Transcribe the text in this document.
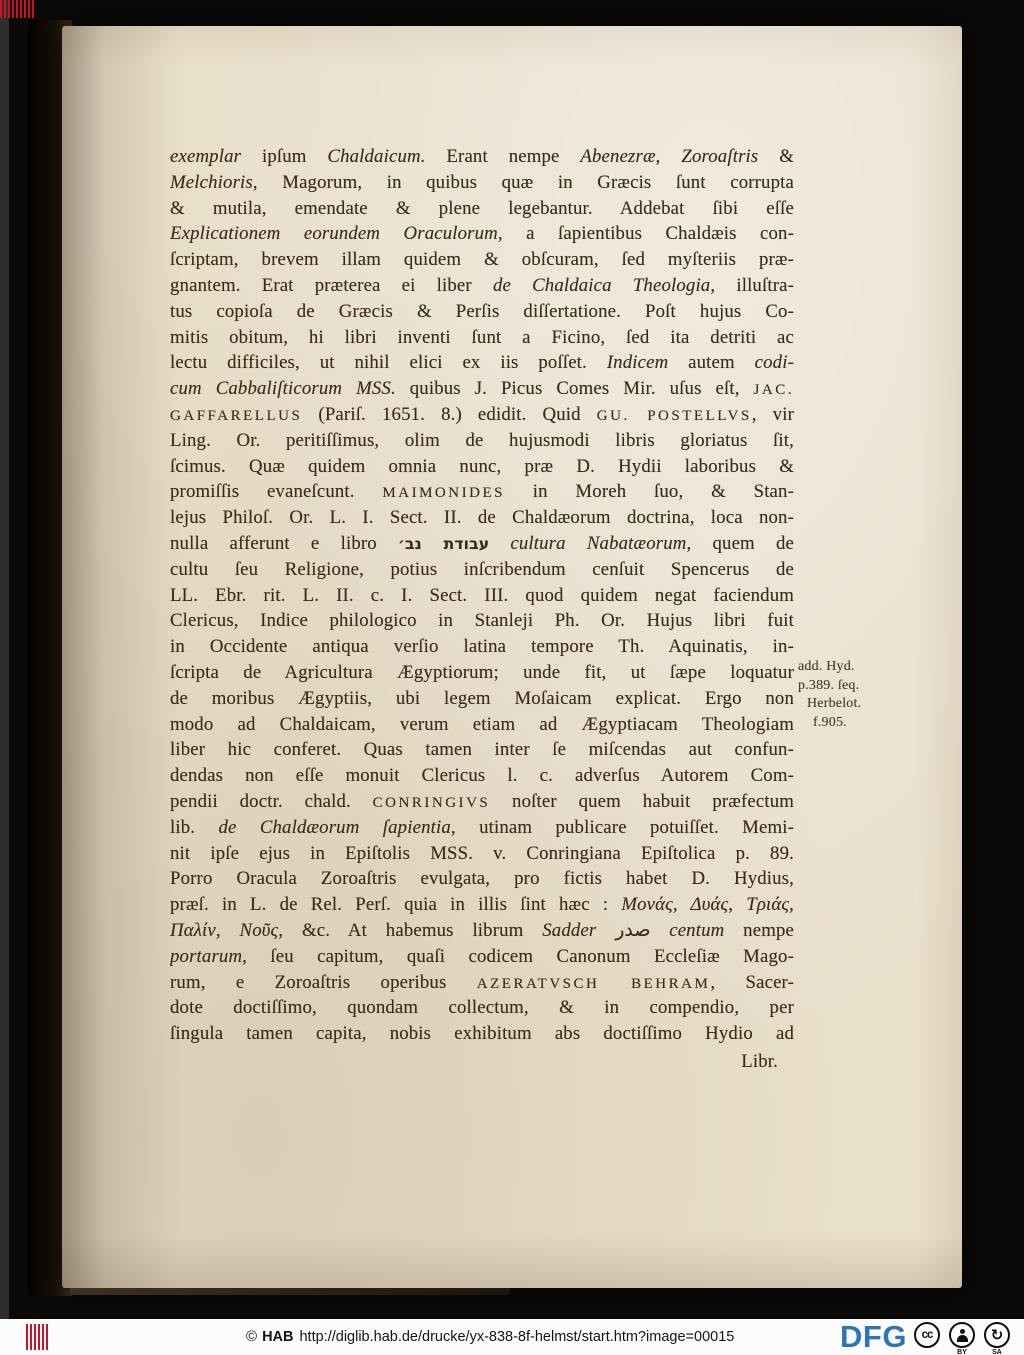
exemplar ipſum Chaldaicum. Erant nempe Abenezræ, Zoroaſtris &
Melchioris, Magorum, in quibus quæ in Græcis ſunt corrupta
& mutila, emendate & plene legebantur. Addebat ſibi eſſe
Explicationem eorundem Oraculorum, a ſapientibus Chaldæis con-
ſcriptam, brevem illam quidem & obſcuram, ſed myſteriis præ-
gnantem. Erat præterea ei liber de Chaldaica Theologia, illuſtra-
tus copioſa de Græcis & Perſis diſſertatione. Poſt hujus Co-
mitis obitum, hi libri inventi ſunt a Ficino, ſed ita detriti ac
lectu difficiles, ut nihil elici ex iis poſſet. Indicem autem codi-
cum Cabbaliſticorum MSS. quibus J. Picus Comes Mir. uſus eſt, JAC.
GAFFARELLUS (Pariſ. 1651. 8.) edidit. Quid GU. POSTELLVS, vir
Ling. Or. peritiſſimus, olim de hujusmodi libris gloriatus ſit,
ſcimus. Quæ quidem omnia nunc, præ D. Hydii laboribus &
promiſſis evaneſcunt. MAIMONIDES in Moreh ſuo, & Stan-
lejus Philoſ. Or. L. I. Sect. II. de Chaldæorum doctrina, loca non-
nulla afferunt e libro עבודת נב׳ cultura Nabatæorum, quem de
cultu ſeu Religione, potius inſcribendum cenſuit Spencerus de
LL. Ebr. rit. L. II. c. I. Sect. III. quod quidem negat faciendum
Clericus, Indice philologico in Stanleji Ph. Or. Hujus libri fuit
in Occidente antiqua verſio latina tempore Th. Aquinatis, in-
ſcripta de Agricultura Ægyptiorum; unde fit, ut ſæpe loquatur
de moribus Ægyptiis, ubi legem Moſaicam explicat. Ergo non
modo ad Chaldaicam, verum etiam ad Ægyptiacam Theologiam
liber hic conferet. Quas tamen inter ſe miſcendas aut confun-
dendas non eſſe monuit Clericus l. c. adverſus Autorem Com-
pendii doctr. chald. CONRINGIVS noſter quem habuit præfectum
lib. de Chaldæorum ſapientia, utinam publicare potuiſſet. Memi-
nit ipſe ejus in Epiſtolis MSS. v. Conringiana Epiſtolica p. 89.
Porro Oracula Zoroaſtris evulgata, pro fictis habet D. Hydius,
præſ. in L. de Rel. Perſ. quia in illis ſint hæc : Μονάς, Δυάς, Τριάς,
Παλίν, Νοῦς, &c. At habemus librum Sadder صدر centum nempe
portarum, ſeu capitum, quaſi codicem Canonum Eccleſiæ Mago-
rum, e Zoroaſtris operibus AZERATVSCH BEHRAM, Sacer-
dote doctiſſimo, quondam collectum, & in compendio, per
ſingula tamen capita, nobis exhibitum abs doctiſſimo Hydio ad
Libr.
add. Hyd.
p.389. ſeq.
Herbelot.
f.905.
© HAB http://diglib.hab.de/drucke/yx-838-8f-helmst/start.htm?image=00015	DFG cc
BY
↻
SA
